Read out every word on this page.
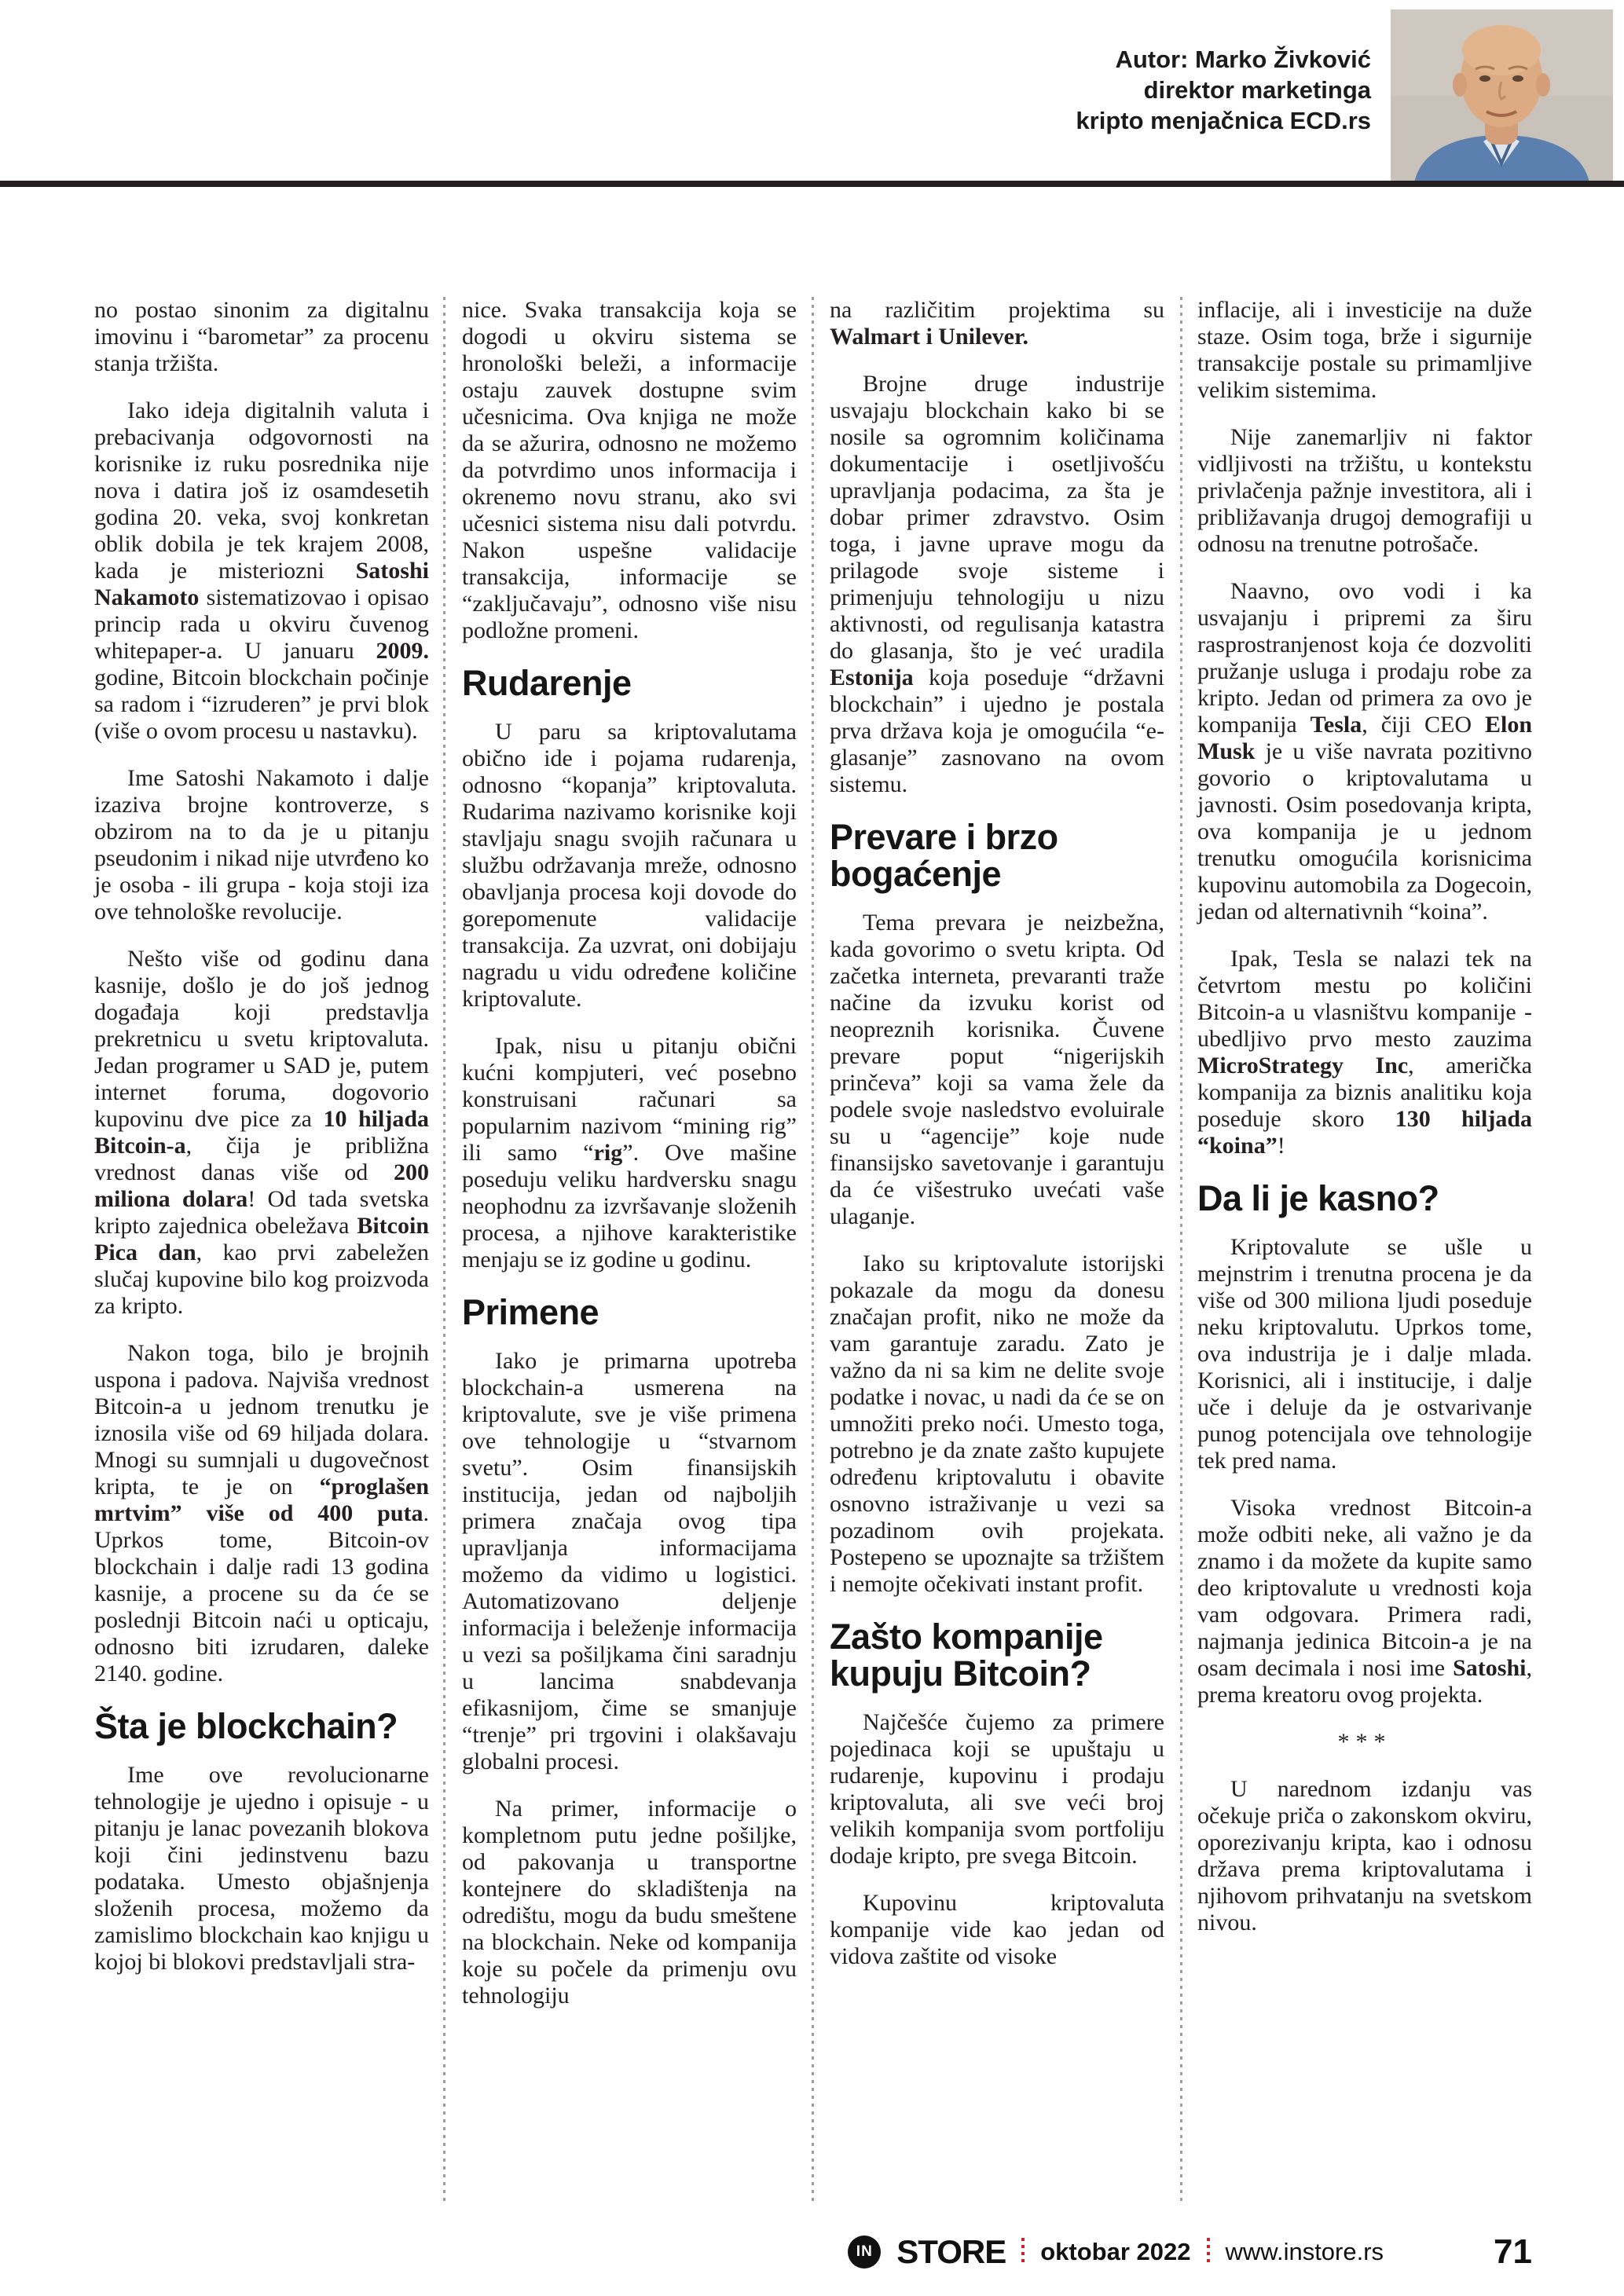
Autor: Marko Živković
direktor marketinga
kripto menjačnica ECD.rs

no postao sinonim za digitalnu imovinu i “barometar” za procenu stanja tržišta.

Iako ideja digitalnih valuta i prebacivanja odgovornosti na korisnike iz ruku posrednika nije nova i datira još iz osamdesetih godina 20. veka, svoj konkretan oblik dobila je tek krajem 2008, kada je misteriozni Satoshi Nakamoto sistematizovao i opisao princip rada u okviru čuvenog whitepaper-a. U januaru 2009. godine, Bitcoin blockchain počinje sa radom i “izruderen” je prvi blok (više o ovom procesu u nastavku).

Ime Satoshi Nakamoto i dalje izaziva brojne kontroverze, s obzirom na to da je u pitanju pseudonim i nikad nije utvrđeno ko je osoba - ili grupa - koja stoji iza ove tehnološke revolucije.

Nešto više od godinu dana kasnije, došlo je do još jednog događaja koji predstavlja prekretnicu u svetu kriptovaluta. Jedan programer u SAD je, putem internet foruma, dogovorio kupovinu dve pice za 10 hiljada Bitcoin-a, čija je približna vrednost danas više od 200 miliona dolara! Od tada svetska kripto zajednica obeležava Bitcoin Pica dan, kao prvi zabeležen slučaj kupovine bilo kog proizvoda za kripto.

Nakon toga, bilo je brojnih uspona i padova. Najviša vrednost Bitcoin-a u jednom trenutku je iznosila više od 69 hiljada dolara. Mnogi su sumnjali u dugovečnost kripta, te je on “proglašen mrtvim” više od 400 puta. Uprkos tome, Bitcoin-ov blockchain i dalje radi 13 godina kasnije, a procene su da će se poslednji Bitcoin naći u opticaju, odnosno biti izrudaren, daleke 2140. godine.

Šta je blockchain?

Ime ove revolucionarne tehnologije je ujedno i opisuje - u pitanju je lanac povezanih blokova koji čini jedinstvenu bazu podataka. Umesto objašnjenja složenih procesa, možemo da zamislimo blockchain kao knjigu u kojoj bi blokovi predstavljali stra-

nice. Svaka transakcija koja se dogodi u okviru sistema se hronološki beleži, a informacije ostaju zauvek dostupne svim učesnicima. Ova knjiga ne može da se ažurira, odnosno ne možemo da potvrdimo unos informacija i okrenemo novu stranu, ako svi učesnici sistema nisu dali potvrdu. Nakon uspešne validacije transakcija, informacije se “zaključavaju”, odnosno više nisu podložne promeni.

Rudarenje

U paru sa kriptovalutama obično ide i pojama rudarenja, odnosno “kopanja” kriptovaluta. Rudarima nazivamo korisnike koji stavljaju snagu svojih računara u službu održavanja mreže, odnosno obavljanja procesa koji dovode do gorepomenute validacije transakcija. Za uzvrat, oni dobijaju nagradu u vidu određene količine kriptovalute.

Ipak, nisu u pitanju obični kućni kompjuteri, već posebno konstruisani računari sa popularnim nazivom “mining rig” ili samo “rig”. Ove mašine poseduju veliku hardversku snagu neophodnu za izvršavanje složenih procesa, a njihove karakteristike menjaju se iz godine u godinu.

Primene

Iako je primarna upotreba blockchain-a usmerena na kriptovalute, sve je više primena ove tehnologije u “stvarnom svetu”. Osim finansijskih institucija, jedan od najboljih primera značaja ovog tipa upravljanja informacijama možemo da vidimo u logistici. Automatizovano deljenje informacija i beleženje informacija u vezi sa pošiljkama čini saradnju u lancima snabdevanja efikasnijom, čime se smanjuje “trenje” pri trgovini i olakšavaju globalni procesi.

Na primer, informacije o kompletnom putu jedne pošiljke, od pakovanja u transportne kontejnere do skladištenja na odredištu, mogu da budu smeštene na blockchain. Neke od kompanija koje su počele da primenju ovu tehnologiju

na različitim projektima su Walmart i Unilever.

Brojne druge industrije usvajaju blockchain kako bi se nosile sa ogromnim količinama dokumentacije i osetljivošću upravljanja podacima, za šta je dobar primer zdravstvo. Osim toga, i javne uprave mogu da prilagode svoje sisteme i primenjuju tehnologiju u nizu aktivnosti, od regulisanja katastra do glasanja, što je već uradila Estonija koja poseduje “državni blockchain” i ujedno je postala prva država koja je omogućila “e-glasanje” zasnovano na ovom sistemu.

Prevare i brzo bogaćenje

Tema prevara je neizbežna, kada govorimo o svetu kripta. Od začetka interneta, prevaranti traže načine da izvuku korist od neopreznih korisnika. Čuvene prevare poput “nigerijskih prinčeva” koji sa vama žele da podele svoje nasledstvo evoluirale su u “agencije” koje nude finansijsko savetovanje i garantuju da će višestruko uvećati vaše ulaganje.

Iako su kriptovalute istorijski pokazale da mogu da donesu značajan profit, niko ne može da vam garantuje zaradu. Zato je važno da ni sa kim ne delite svoje podatke i novac, u nadi da će se on umnožiti preko noći. Umesto toga, potrebno je da znate zašto kupujete određenu kriptovalutu i obavite osnovno istraživanje u vezi sa pozadinom ovih projekata. Postepeno se upoznajte sa tržištem i nemojte očekivati instant profit.

Zašto kompanije kupuju Bitcoin?

Najčešće čujemo za primere pojedinaca koji se upuštaju u rudarenje, kupovinu i prodaju kriptovaluta, ali sve veći broj velikih kompanija svom portfoliju dodaje kripto, pre svega Bitcoin.

Kupovinu kriptovaluta kompanije vide kao jedan od vidova zaštite od visoke

inflacije, ali i investicije na duže staze. Osim toga, brže i sigurnije transakcije postale su primamljive velikim sistemima.

Nije zanemarljiv ni faktor vidljivosti na tržištu, u kontekstu privlačenja pažnje investitora, ali i približavanja drugoj demografiji u odnosu na trenutne potrošače.

Naavno, ovo vodi i ka usvajanju i pripremi za širu rasprostranjenost koja će dozvoliti pružanje usluga i prodaju robe za kripto. Jedan od primera za ovo je kompanija Tesla, čiji CEO Elon Musk je u više navrata pozitivno govorio o kriptovalutama u javnosti. Osim posedovanja kripta, ova kompanija je u jednom trenutku omogućila korisnicima kupovinu automobila za Dogecoin, jedan od alternativnih “koina”.

Ipak, Tesla se nalazi tek na četvrtom mestu po količini Bitcoin-a u vlasništvu kompanije - ubedljivo prvo mesto zauzima MicroStrategy Inc, američka kompanija za biznis analitiku koja poseduje skoro 130 hiljada “koina”!

Da li je kasno?

Kriptovalute se ušle u mejnstrim i trenutna procena je da više od 300 miliona ljudi poseduje neku kriptovalutu. Uprkos tome, ova industrija je i dalje mlada. Korisnici, ali i institucije, i dalje uče i deluje da je ostvarivanje punog potencijala ove tehnologije tek pred nama.

Visoka vrednost Bitcoin-a može odbiti neke, ali važno je da znamo i da možete da kupite samo deo kriptovalute u vrednosti koja vam odgovara. Primera radi, najmanja jedinica Bitcoin-a je na osam decimala i nosi ime Satoshi, prema kreatoru ovog projekta.

***

U narednom izdanju vas očekuje priča o zakonskom okviru, oporezivanju kripta, kao i odnosu država prema kriptovalutama i njihovom prihvatanju na svetskom nivou.

IN STORE oktobar 2022 www.instore.rs	71
